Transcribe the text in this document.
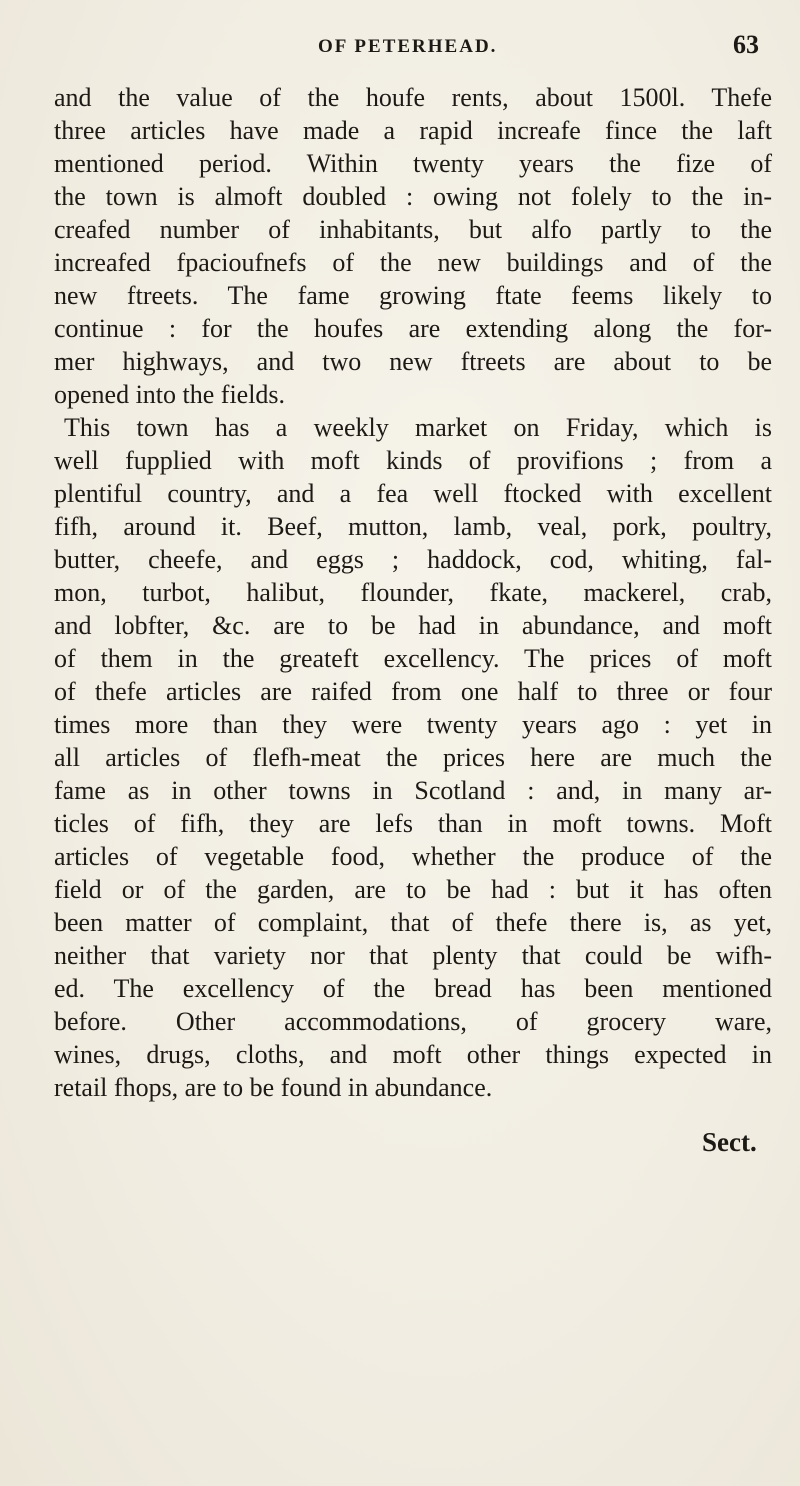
OF PETERHEAD.	63
and the value of the houfe rents, about 1500l. Thefe
three articles have made a rapid increafe fince the laft
mentioned period. Within twenty years the fize of
the town is almoft doubled : owing not folely to the in-
creafed number of inhabitants, but alfo partly to the
increafed fpacioufnefs of the new buildings and of the
new ftreets. The fame growing ftate feems likely to
continue : for the houfes are extending along the for-
mer highways, and two new ftreets are about to be
opened into the fields.
This town has a weekly market on Friday, which is
well fupplied with moft kinds of provifions ; from a
plentiful country, and a fea well ftocked with excellent
fifh, around it. Beef, mutton, lamb, veal, pork, poultry,
butter, cheefe, and eggs ; haddock, cod, whiting, fal-
mon, turbot, halibut, flounder, fkate, mackerel, crab,
and lobfter, &c. are to be had in abundance, and moft
of them in the greateft excellency. The prices of moft
of thefe articles are raifed from one half to three or four
times more than they were twenty years ago : yet in
all articles of flefh-meat the prices here are much the
fame as in other towns in Scotland : and, in many ar-
ticles of fifh, they are lefs than in moft towns. Moft
articles of vegetable food, whether the produce of the
field or of the garden, are to be had : but it has often
been matter of complaint, that of thefe there is, as yet,
neither that variety nor that plenty that could be wifh-
ed. The excellency of the bread has been mentioned
before. Other accommodations, of grocery ware,
wines, drugs, cloths, and moft other things expected in
retail fhops, are to be found in abundance.
Sect.
